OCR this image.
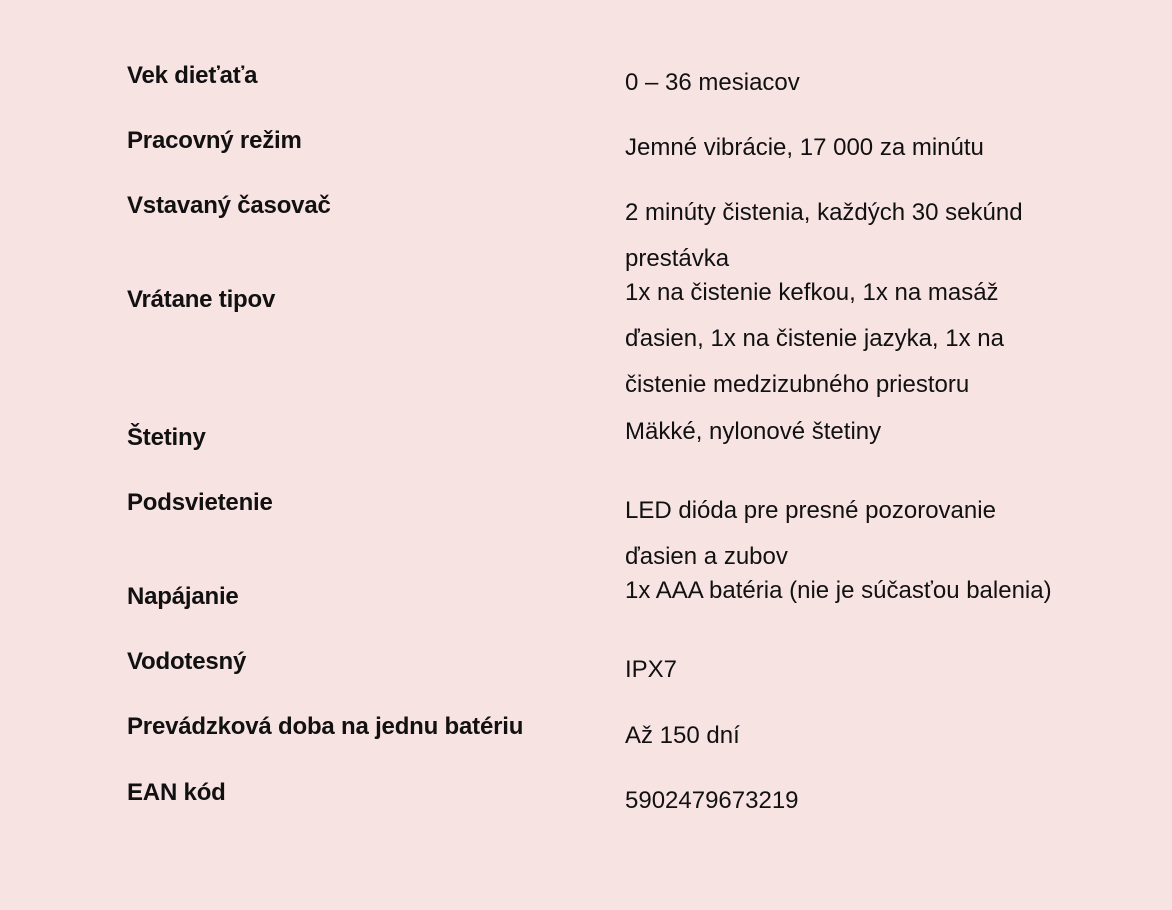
Vek dieťaťa	0 – 36 mesiacov
Pracovný režim	Jemné vibrácie, 17 000 za minútu
Vstavaný časovač	2 minúty čistenia, každých 30 sekúnd
prestávka
Vrátane tipov	1x na čistenie kefkou, 1x na masáž
ďasien, 1x na čistenie jazyka, 1x na
čistenie medzizubného priestoru
Štetiny	Mäkké, nylonové štetiny
Podsvietenie	LED dióda pre presné pozorovanie
ďasien a zubov
Napájanie	1x AAA batéria (nie je súčasťou balenia)
Vodotesný	IPX7
Prevádzková doba na jednu batériu	Až 150 dní
EAN kód	5902479673219
